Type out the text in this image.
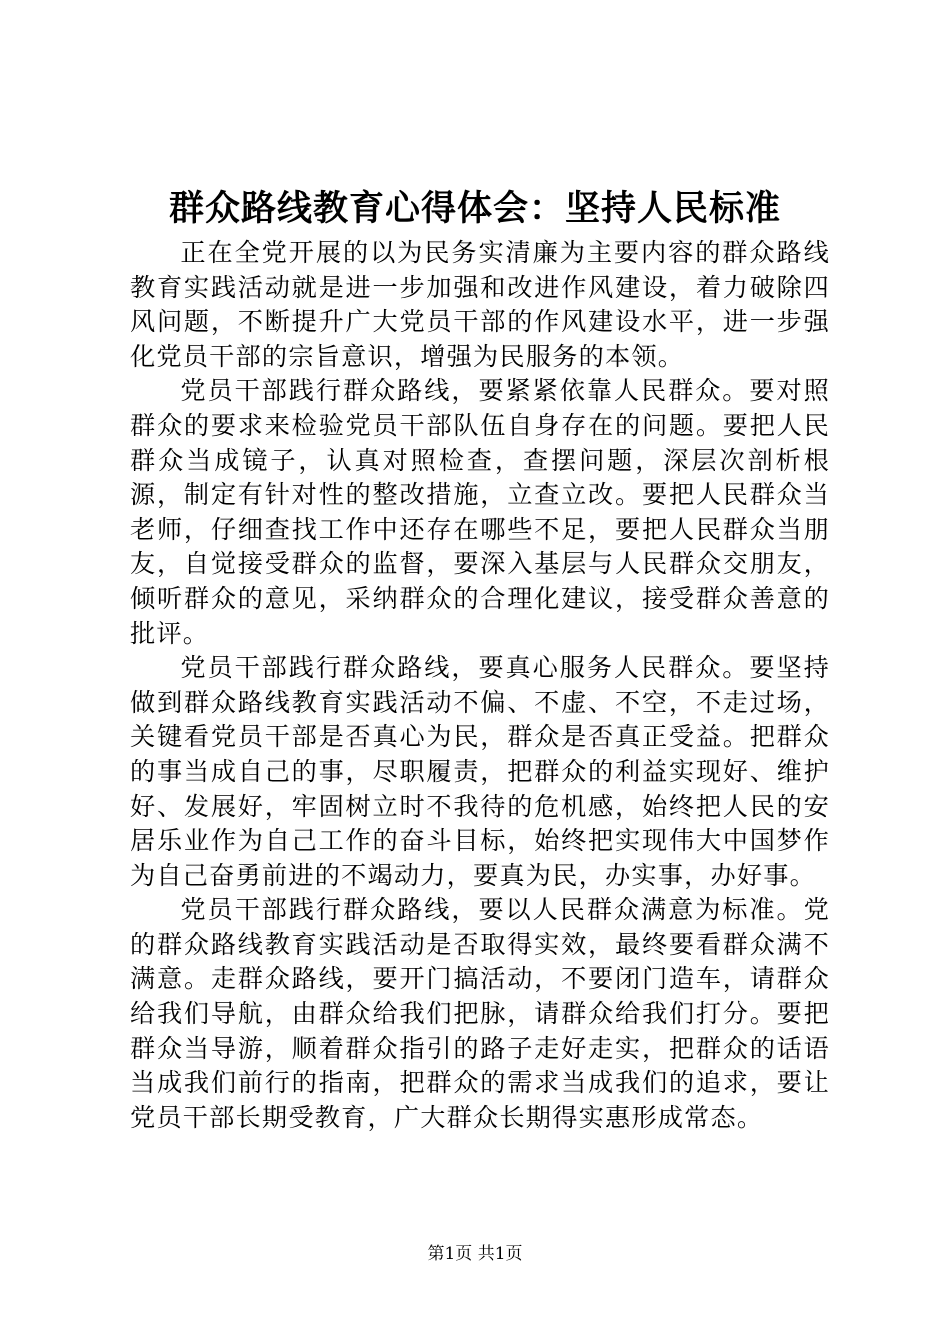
群众路线教育心得体会：坚持人民标准

正在全党开展的以为民务实清廉为主要内容的群众路线教育实践活动就是进一步加强和改进作风建设，着力破除四风问题，不断提升广大党员干部的作风建设水平，进一步强化党员干部的宗旨意识，增强为民服务的本领。

党员干部践行群众路线，要紧紧依靠人民群众。要对照群众的要求来检验党员干部队伍自身存在的问题。要把人民群众当成镜子，认真对照检查，查摆问题，深层次剖析根源，制定有针对性的整改措施，立查立改。要把人民群众当老师，仔细查找工作中还存在哪些不足，要把人民群众当朋友，自觉接受群众的监督，要深入基层与人民群众交朋友，倾听群众的意见，采纳群众的合理化建议，接受群众善意的批评。

党员干部践行群众路线，要真心服务人民群众。要坚持做到群众路线教育实践活动不偏、不虚、不空，不走过场，关键看党员干部是否真心为民，群众是否真正受益。把群众的事当成自己的事，尽职履责，把群众的利益实现好、维护好、发展好，牢固树立时不我待的危机感，始终把人民的安居乐业作为自己工作的奋斗目标，始终把实现伟大中国梦作为自己奋勇前进的不竭动力，要真为民，办实事，办好事。

党员干部践行群众路线，要以人民群众满意为标准。党的群众路线教育实践活动是否取得实效，最终要看群众满不满意。走群众路线，要开门搞活动，不要闭门造车，请群众给我们导航，由群众给我们把脉，请群众给我们打分。要把群众当导游，顺着群众指引的路子走好走实，把群众的话语当成我们前行的指南，把群众的需求当成我们的追求，要让党员干部长期受教育，广大群众长期得实惠形成常态。

第1页 共1页
